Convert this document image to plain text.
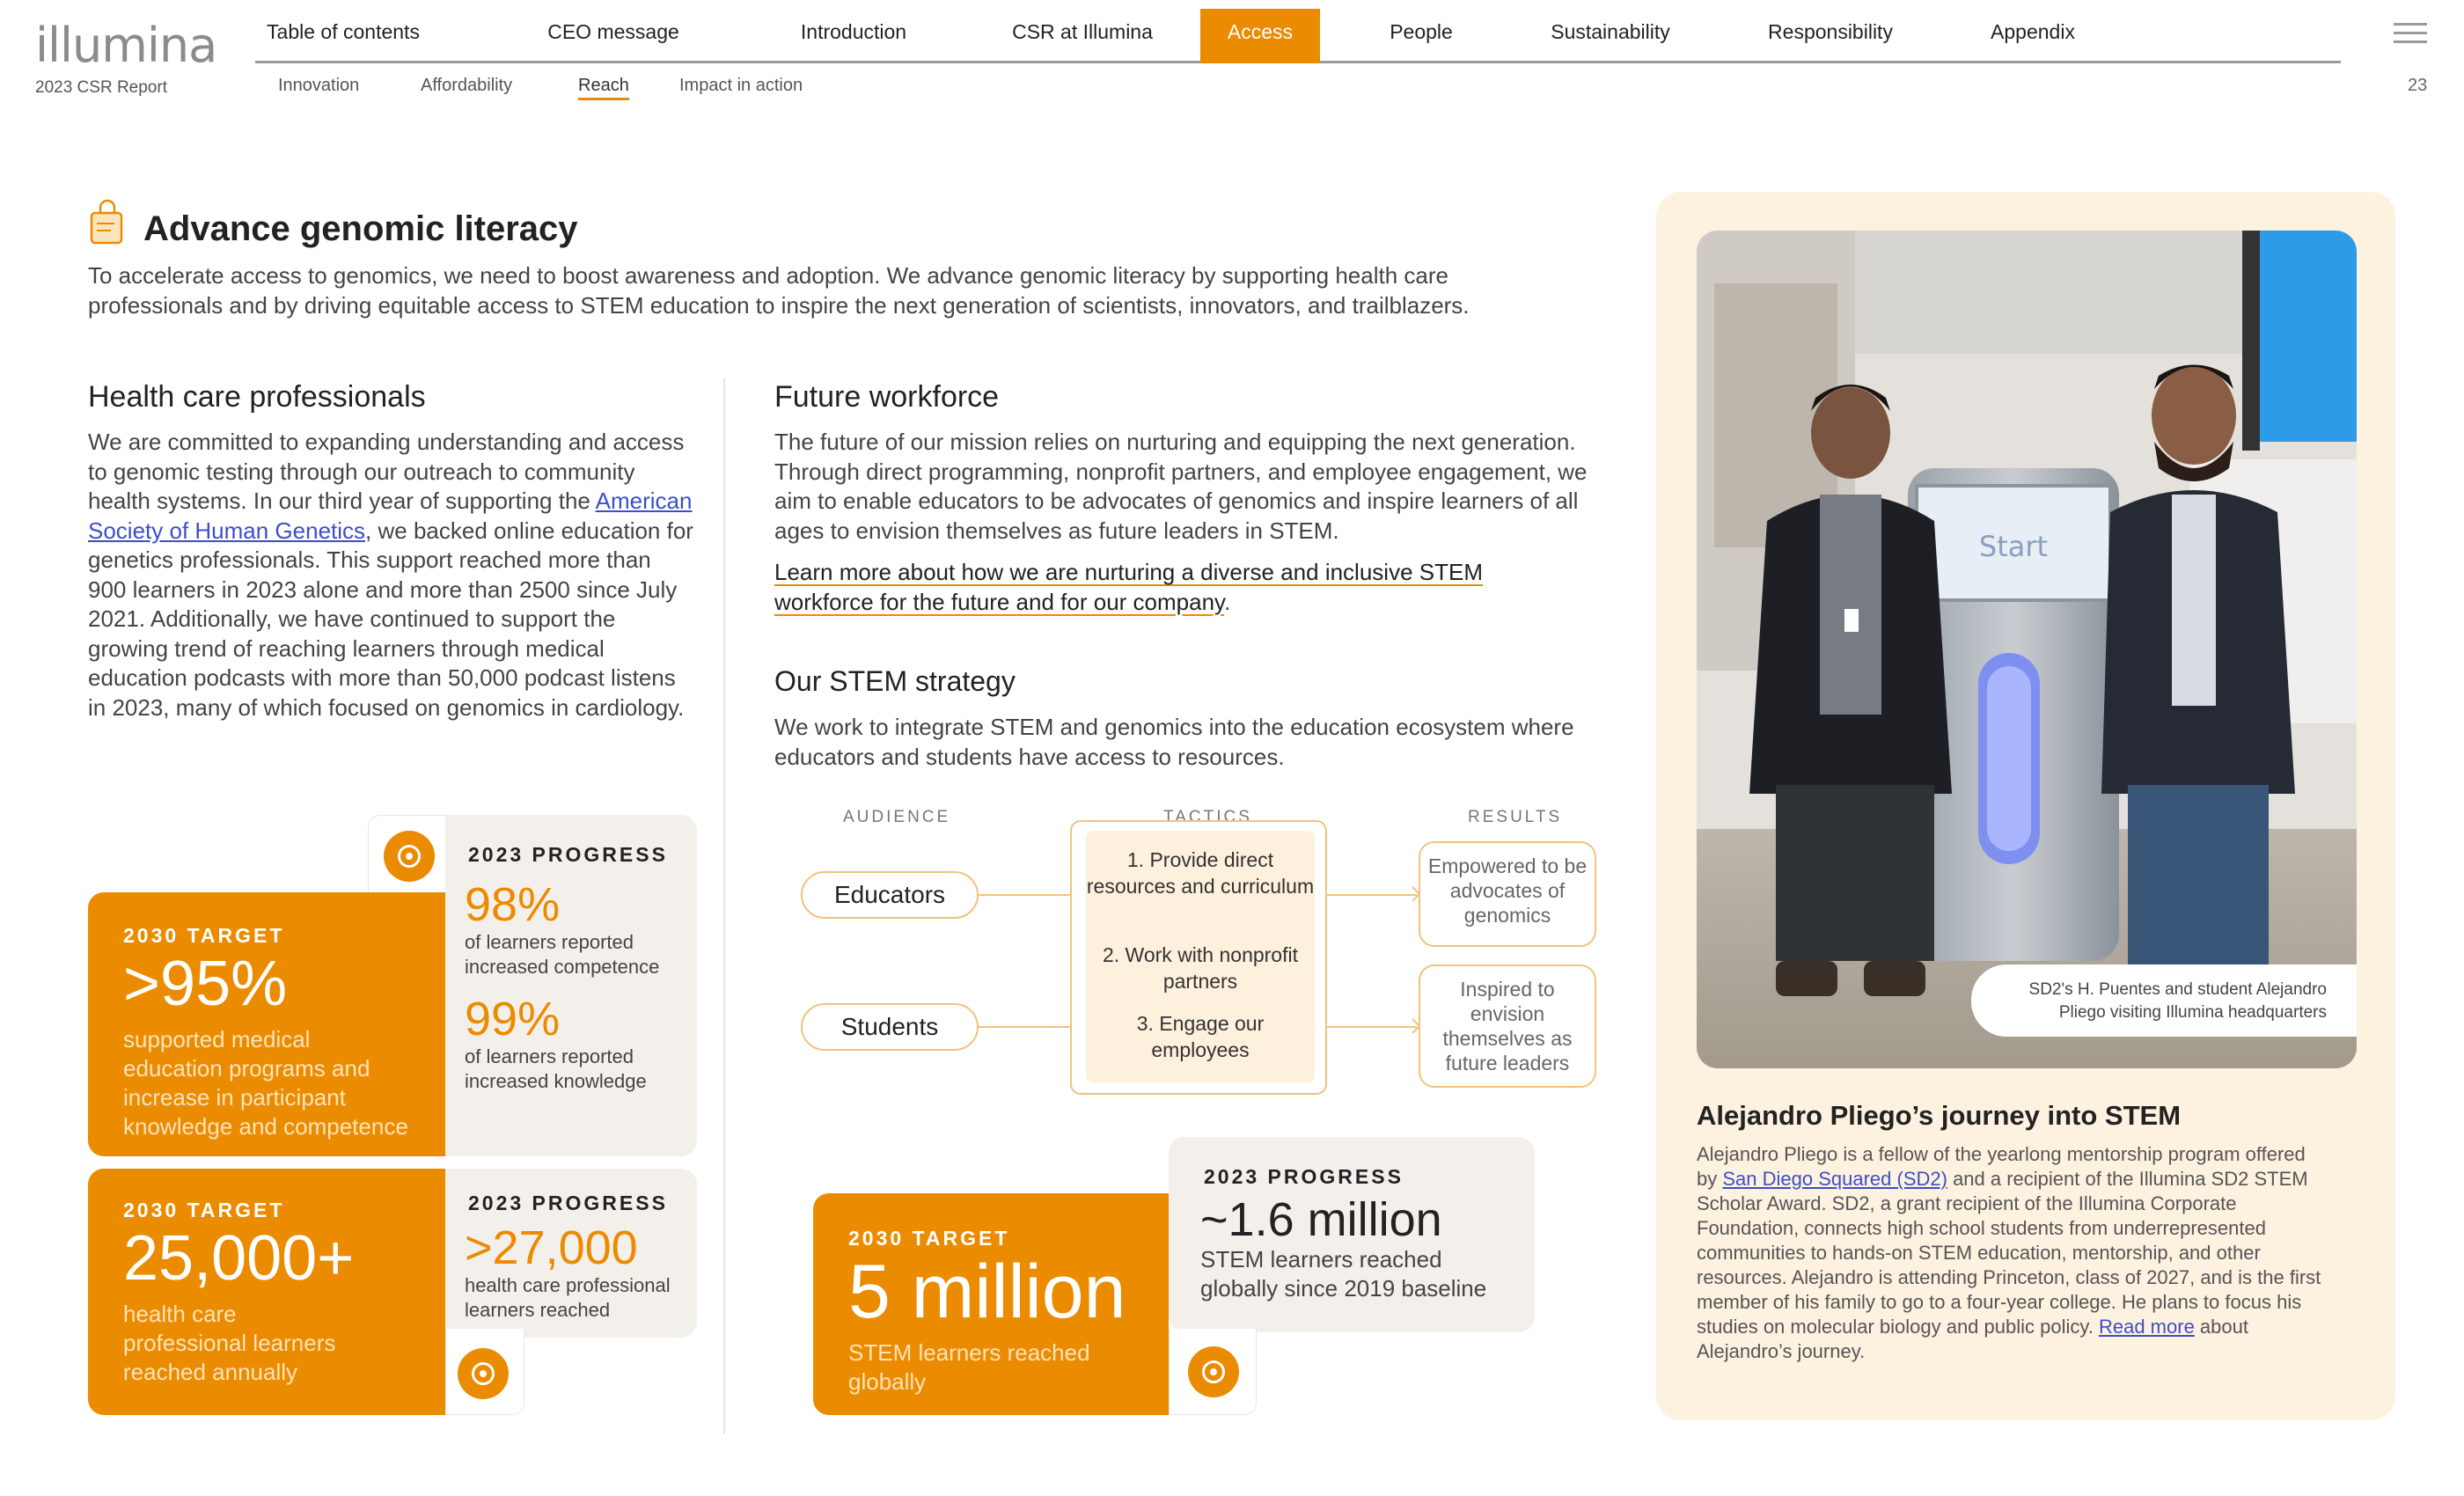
illumina
2023 CSR Report
Table of contents	CEO message	Introduction	CSR at Illumina	Access	People	Sustainability	Responsibility	Appendix
Innovation	Affordability	Reach	Impact in action	23
Advance genomic literacy
To accelerate access to genomics, we need to boost awareness and adoption. We advance genomic literacy by supporting health care professionals and by driving equitable access to STEM education to inspire the next generation of scientists, innovators, and trailblazers.
Health care professionals
We are committed to expanding understanding and access to genomic testing through our outreach to community health systems. In our third year of supporting the American Society of Human Genetics, we backed online education for genetics professionals. This support reached more than 900 learners in 2023 alone and more than 2500 since July 2021. Additionally, we have continued to support the growing trend of reaching learners through medical education podcasts with more than 50,000 podcast listens in 2023, many of which focused on genomics in cardiology.
2023 PROGRESS
98%
of learners reported increased competence
99%
of learners reported increased knowledge
2030 TARGET
>95%
supported medical education programs and increase in participant knowledge and competence
2023 PROGRESS
>27,000
health care professional learners reached
2030 TARGET
25,000+
health care professional learners reached annually
Future workforce
The future of our mission relies on nurturing and equipping the next generation. Through direct programming, nonprofit partners, and employee engagement, we aim to enable educators to be advocates of genomics and inspire learners of all ages to envision themselves as future leaders in STEM.
Learn more about how we are nurturing a diverse and inclusive STEM workforce for the future and for our company.
Our STEM strategy
We work to integrate STEM and genomics into the education ecosystem where educators and students have access to resources.
AUDIENCE	TACTICS	RESULTS
Educators
Students
1. Provide direct resources and curriculum
2. Work with nonprofit partners
3. Engage our employees
Empowered to be advocates of genomics
Inspired to envision themselves as future leaders
2023 PROGRESS
~1.6 million
STEM learners reached globally since 2019 baseline
2030 TARGET
5 million
STEM learners reached globally
Start
SD2's H. Puentes and student Alejandro Pliego visiting Illumina headquarters
Alejandro Pliego’s journey into STEM
Alejandro Pliego is a fellow of the yearlong mentorship program offered by San Diego Squared (SD2) and a recipient of the Illumina SD2 STEM Scholar Award. SD2, a grant recipient of the Illumina Corporate Foundation, connects high school students from underrepresented communities to hands-on STEM education, mentorship, and other resources. Alejandro is attending Princeton, class of 2027, and is the first member of his family to go to a four-year college. He plans to focus his studies on molecular biology and public policy. Read more about Alejandro’s journey.
